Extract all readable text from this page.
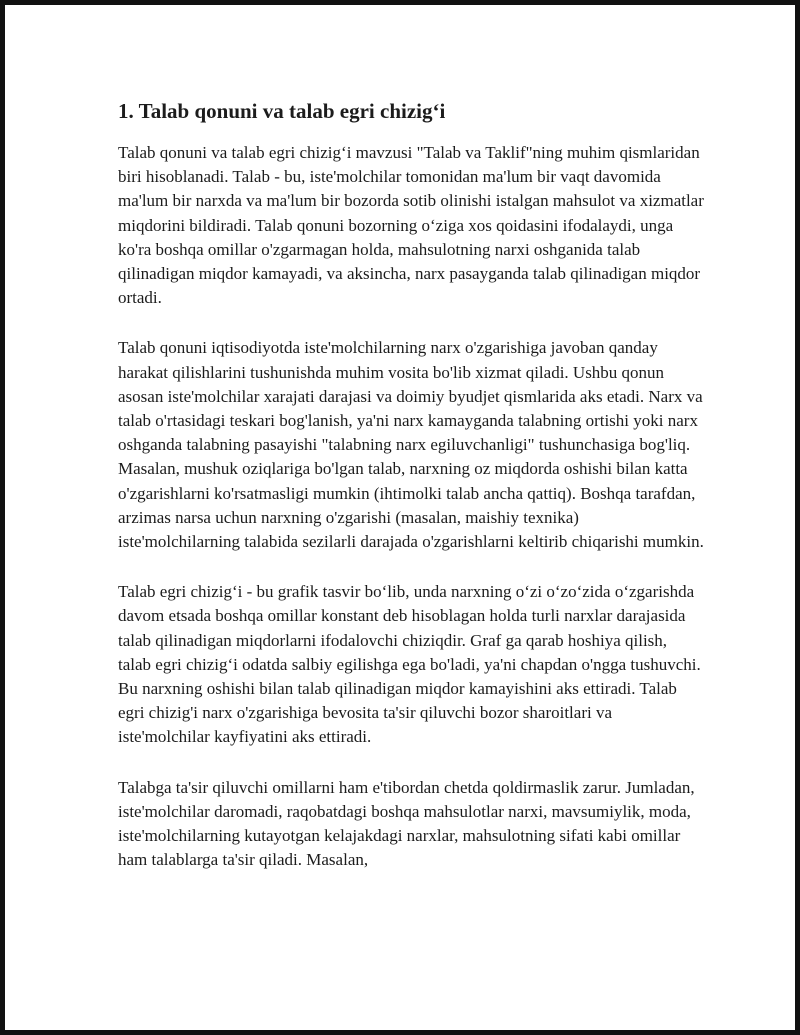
1. Talab qonuni va talab egri chizig‘i

Talab qonuni va talab egri chizig‘i mavzusi "Talab va Taklif"ning muhim qismlaridan biri hisoblanadi. Talab - bu, iste'molchilar tomonidan ma'lum bir vaqt davomida ma'lum bir narxda va ma'lum bir bozorda sotib olinishi istalgan mahsulot va xizmatlar miqdorini bildiradi. Talab qonuni bozorning o‘ziga xos qoidasini ifodalaydi, unga ko'ra boshqa omillar o'zgarmagan holda, mahsulotning narxi oshganida talab qilinadigan miqdor kamayadi, va aksincha, narx pasayganda talab qilinadigan miqdor ortadi.

Talab qonuni iqtisodiyotda iste'molchilarning narx o'zgarishiga javoban qanday harakat qilishlarini tushunishda muhim vosita bo'lib xizmat qiladi. Ushbu qonun asosan iste'molchilar xarajati darajasi va doimiy byudjet qismlarida aks etadi. Narx va talab o'rtasidagi teskari bog'lanish, ya'ni narx kamayganda talabning ortishi yoki narx oshganda talabning pasayishi "talabning narx egiluvchanligi" tushunchasiga bog'liq. Masalan, mushuk oziqlariga bo'lgan talab, narxning oz miqdorda oshishi bilan katta o'zgarishlarni ko'rsatmasligi mumkin (ihtimolki talab ancha qattiq). Boshqa tarafdan, arzimas narsa uchun narxning o'zgarishi (masalan, maishiy texnika) iste'molchilarning talabida sezilarli darajada o'zgarishlarni keltirib chiqarishi mumkin.

Talab egri chizig‘i - bu grafik tasvir bo‘lib, unda narxning o‘zi o‘zo‘zida o‘zgarishda davom etsada boshqa omillar konstant deb hisoblagan holda turli narxlar darajasida talab qilinadigan miqdorlarni ifodalovchi chiziqdir. Graf ga qarab hoshiya qilish, talab egri chizig‘i odatda salbiy egilishga ega bo'ladi, ya'ni chapdan o'ngga tushuvchi. Bu narxning oshishi bilan talab qilinadigan miqdor kamayishini aks ettiradi. Talab egri chizig'i narx o'zgarishiga bevosita ta'sir qiluvchi bozor sharoitlari va iste'molchilar kayfiyatini aks ettiradi.

Talabga ta'sir qiluvchi omillarni ham e'tibordan chetda qoldirmaslik zarur. Jumladan, iste'molchilar daromadi, raqobatdagi boshqa mahsulotlar narxi, mavsumiylik, moda, iste'molchilarning kutayotgan kelajakdagi narxlar, mahsulotning sifati kabi omillar ham talablarga ta'sir qiladi. Masalan,
